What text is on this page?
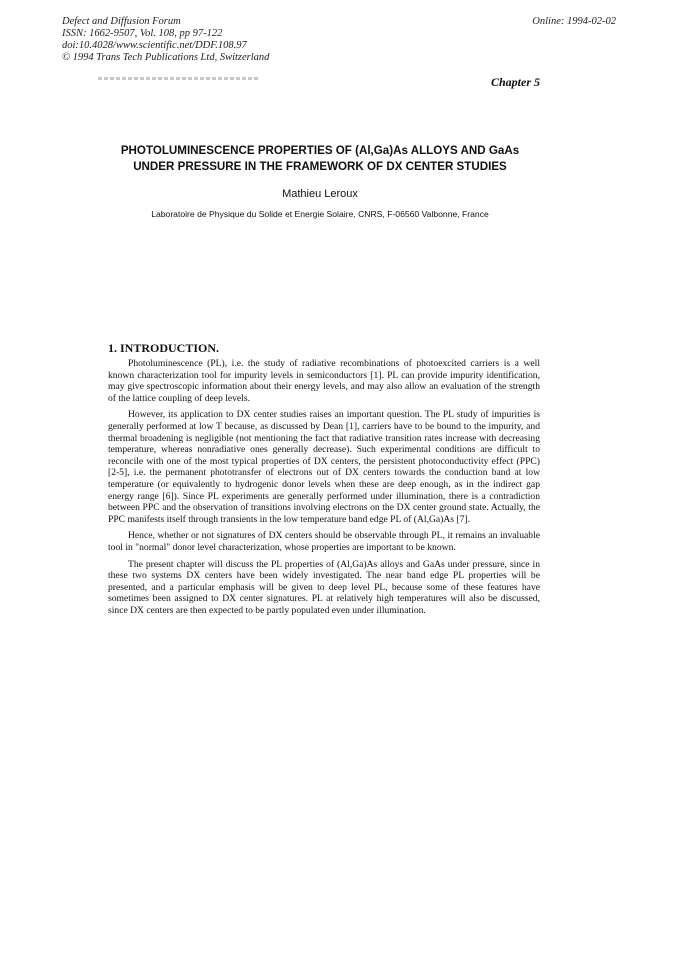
Defect and Diffusion Forum
ISSN: 1662-9507, Vol. 108, pp 97-122
doi:10.4028/www.scientific.net/DDF.108.97
© 1994 Trans Tech Publications Ltd, Switzerland
Online: 1994-02-02
Chapter 5
PHOTOLUMINESCENCE PROPERTIES OF (Al,Ga)As ALLOYS AND GaAs
UNDER PRESSURE IN THE FRAMEWORK OF DX CENTER STUDIES
Mathieu Leroux
Laboratoire de Physique du Solide et Energie Solaire, CNRS, F-06560 Valbonne, France
1. INTRODUCTION.

Photoluminescence (PL), i.e. the study of radiative recombinations of photoexcited carriers is a well known characterization tool for impurity levels in semiconductors [1]. PL can provide impurity identification, may give spectroscopic information about their energy levels, and may also allow an evaluation of the strength of the lattice coupling of deep levels.

However, its application to DX center studies raises an important question. The PL study of impurities is generally performed at low T because, as discussed by Dean [1], carriers have to be bound to the impurity, and thermal broadening is negligible (not mentioning the fact that radiative transition rates increase with decreasing temperature, whereas nonradiative ones generally decrease). Such experimental conditions are difficult to reconcile with one of the most typical properties of DX centers, the persistent photoconductivity effect (PPC) [2-5], i.e. the permanent phototransfer of electrons out of DX centers towards the conduction band at low temperature (or equivalently to hydrogenic donor levels when these are deep enough, as in the indirect gap energy range [6]). Since PL experiments are generally performed under illumination, there is a contradiction between PPC and the observation of transitions involving electrons on the DX center ground state. Actually, the PPC manifests itself through transients in the low temperature band edge PL of (Al,Ga)As [7].

Hence, whether or not signatures of DX centers should be observable through PL, it remains an invaluable tool in "normal" donor level characterization, whose properties are important to be known.

The present chapter will discuss the PL properties of (Al,Ga)As alloys and GaAs under pressure, since in these two systems DX centers have been widely investigated. The near band edge PL properties will be presented, and a particular emphasis will be given to deep level PL, because some of these features have sometimes been assigned to DX center signatures. PL at relatively high temperatures will also be discussed, since DX centers are then expected to be partly populated even under illumination.
